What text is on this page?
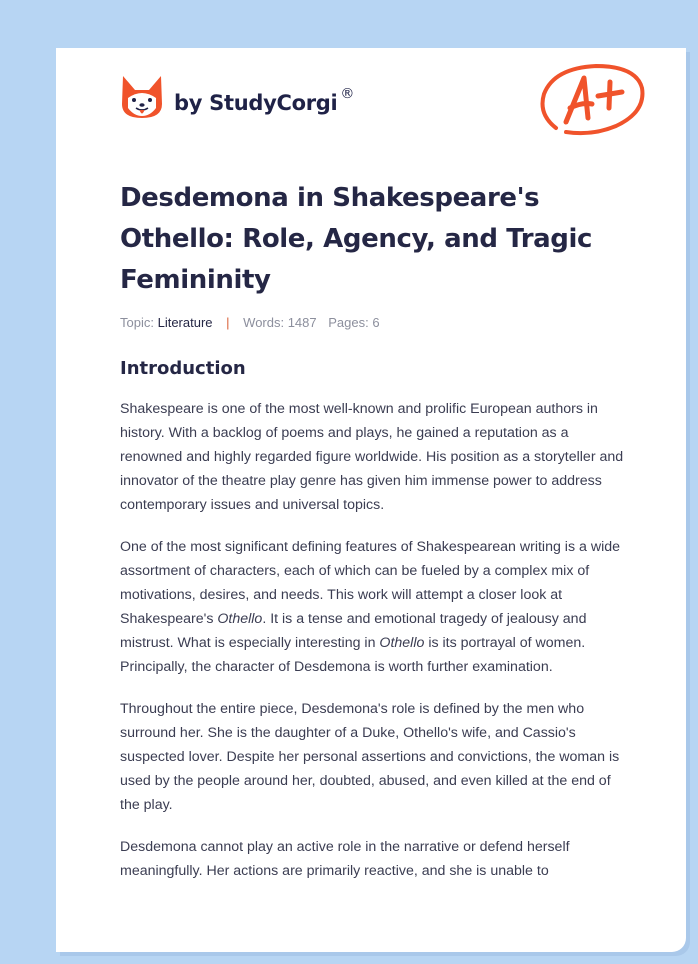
by StudyCorgi ®
Desdemona in Shakespeare's Othello: Role, Agency, and Tragic Femininity
Topic: Literature | Words: 1487 Pages: 6
Introduction

Shakespeare is one of the most well-known and prolific European authors in history. With a backlog of poems and plays, he gained a reputation as a renowned and highly regarded figure worldwide. His position as a storyteller and innovator of the theatre play genre has given him immense power to address contemporary issues and universal topics.

One of the most significant defining features of Shakespearean writing is a wide assortment of characters, each of which can be fueled by a complex mix of motivations, desires, and needs. This work will attempt a closer look at Shakespeare's Othello. It is a tense and emotional tragedy of jealousy and mistrust. What is especially interesting in Othello is its portrayal of women. Principally, the character of Desdemona is worth further examination.

Throughout the entire piece, Desdemona's role is defined by the men who surround her. She is the daughter of a Duke, Othello's wife, and Cassio's suspected lover. Despite her personal assertions and convictions, the woman is used by the people around her, doubted, abused, and even killed at the end of the play.

Desdemona cannot play an active role in the narrative or defend herself meaningfully. Her actions are primarily reactive, and she is unable to
